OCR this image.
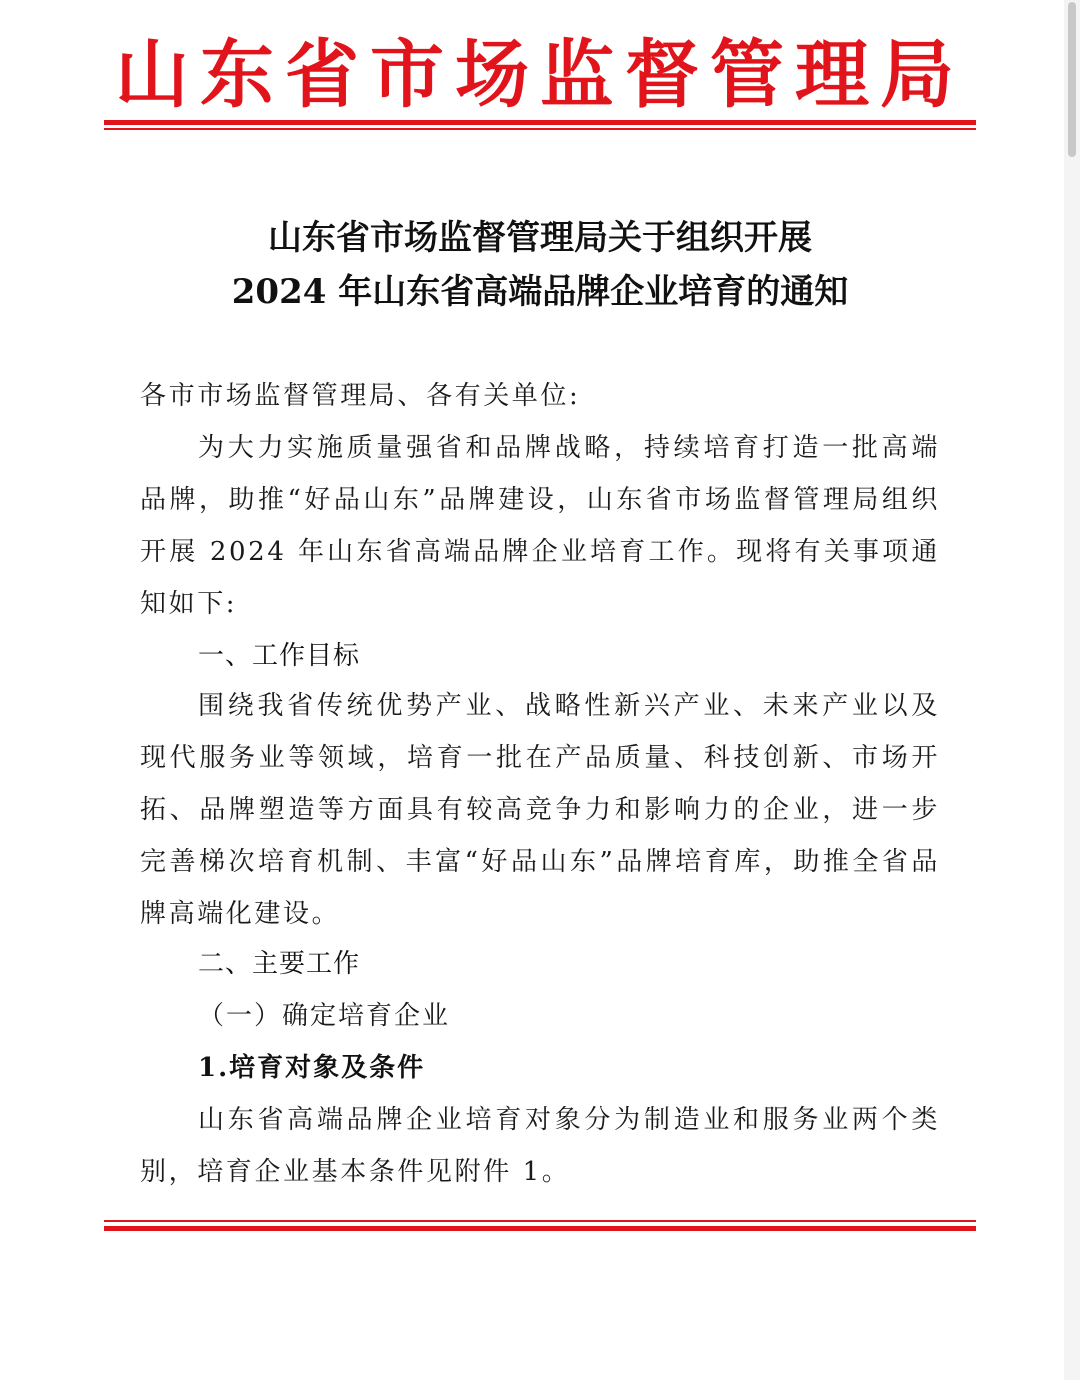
山东省市场监督管理局
山东省市场监督管理局关于组织开展
2024 年山东省高端品牌企业培育的通知
各市市场监督管理局、各有关单位:
为大力实施质量强省和品牌战略，持续培育打造一批高端品牌，助推“好品山东”品牌建设，山东省市场监督管理局组织开展 2024 年山东省高端品牌企业培育工作。现将有关事项通知如下:
一、工作目标
围绕我省传统优势产业、战略性新兴产业、未来产业以及现代服务业等领域，培育一批在产品质量、科技创新、市场开拓、品牌塑造等方面具有较高竞争力和影响力的企业，进一步完善梯次培育机制、丰富“好品山东”品牌培育库，助推全省品牌高端化建设。
二、主要工作
（一）确定培育企业
1.培育对象及条件
山东省高端品牌企业培育对象分为制造业和服务业两个类别，培育企业基本条件见附件 1。
